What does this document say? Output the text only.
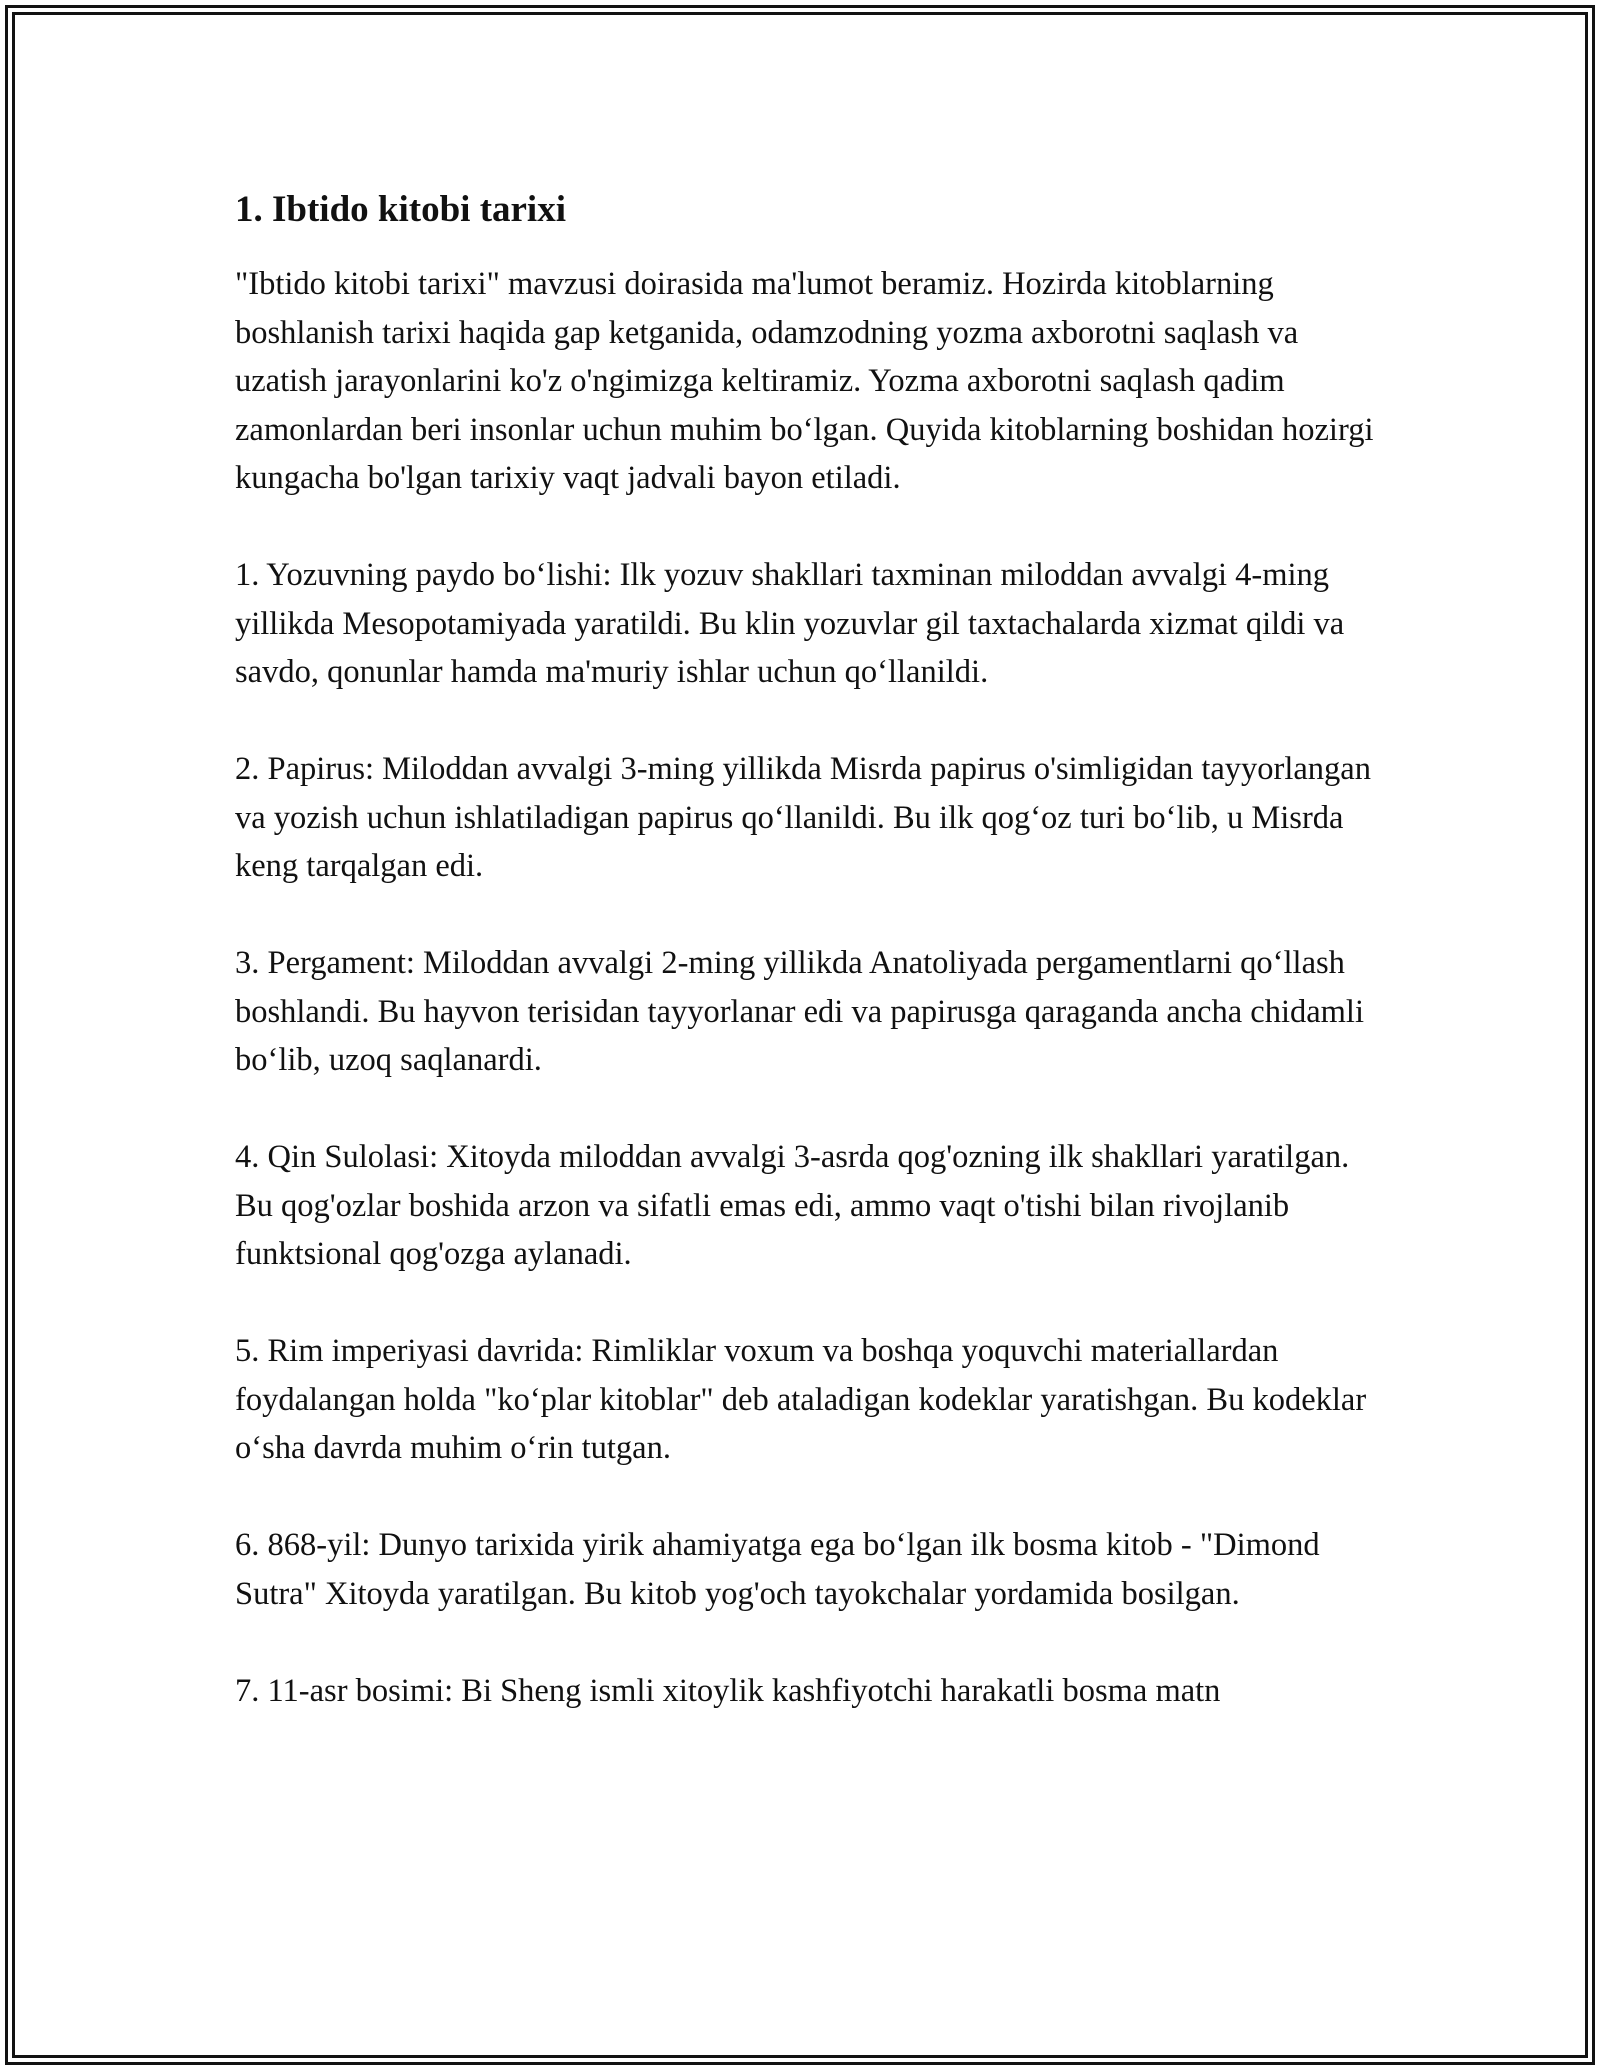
1. Ibtido kitobi tarixi

"Ibtido kitobi tarixi" mavzusi doirasida ma'lumot beramiz. Hozirda kitoblarning boshlanish tarixi haqida gap ketganida, odamzodning yozma axborotni saqlash va uzatish jarayonlarini ko'z o'ngimizga keltiramiz. Yozma axborotni saqlash qadim zamonlardan beri insonlar uchun muhim bo‘lgan. Quyida kitoblarning boshidan hozirgi kungacha bo'lgan tarixiy vaqt jadvali bayon etiladi.

1. Yozuvning paydo bo‘lishi: Ilk yozuv shakllari taxminan miloddan avvalgi 4-ming yillikda Mesopotamiyada yaratildi. Bu klin yozuvlar gil taxtachalarda xizmat qildi va savdo, qonunlar hamda ma'muriy ishlar uchun qo‘llanildi.

2. Papirus: Miloddan avvalgi 3-ming yillikda Misrda papirus o'simligidan tayyorlangan va yozish uchun ishlatiladigan papirus qo‘llanildi. Bu ilk qog‘oz turi bo‘lib, u Misrda keng tarqalgan edi.

3. Pergament: Miloddan avvalgi 2-ming yillikda Anatoliyada pergamentlarni qo‘llash boshlandi. Bu hayvon terisidan tayyorlanar edi va papirusga qaraganda ancha chidamli bo‘lib, uzoq saqlanardi.

4. Qin Sulolasi: Xitoyda miloddan avvalgi 3-asrda qog'ozning ilk shakllari yaratilgan. Bu qog'ozlar boshida arzon va sifatli emas edi, ammo vaqt o'tishi bilan rivojlanib funktsional qog'ozga aylanadi.

5. Rim imperiyasi davrida: Rimliklar voxum va boshqa yoquvchi materiallardan foydalangan holda "ko‘plar kitoblar" deb ataladigan kodeklar yaratishgan. Bu kodeklar o‘sha davrda muhim o‘rin tutgan.

6. 868-yil: Dunyo tarixida yirik ahamiyatga ega bo‘lgan ilk bosma kitob - "Dimond Sutra" Xitoyda yaratilgan. Bu kitob yog'och tayokchalar yordamida bosilgan.

7. 11-asr bosimi: Bi Sheng ismli xitoylik kashfiyotchi harakatli bosma matn
